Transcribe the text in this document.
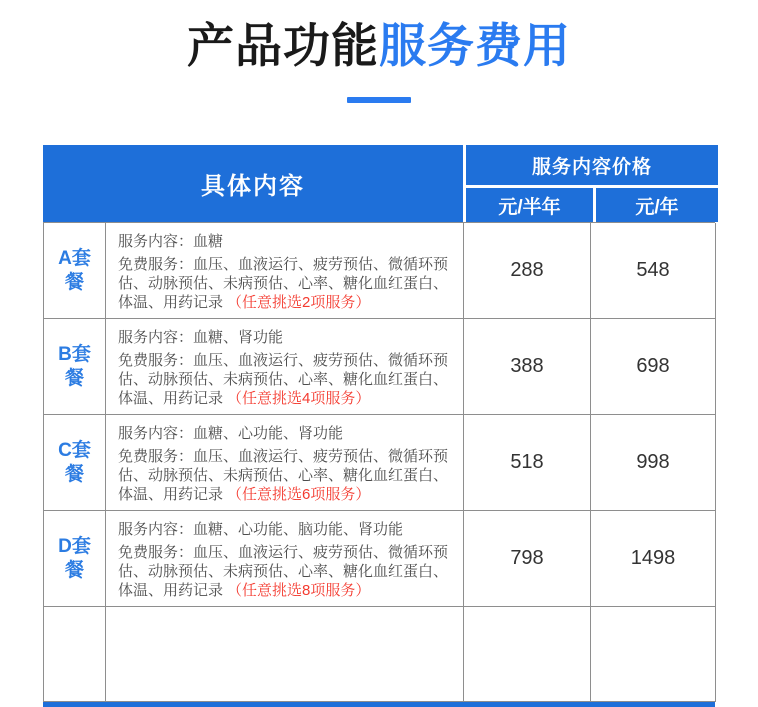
产品功能服务费用
具体内容
服务内容价格
元/半年	元/年
A套餐

服务内容：血糖

免费服务：血压、血液运行、疲劳预估、微循环预估、动脉预估、未病预估、心率、糖化血红蛋白、体温、用药记录 （任意挑选2项服务）

288	548
B套餐

服务内容：血糖、肾功能

免费服务：血压、血液运行、疲劳预估、微循环预估、动脉预估、未病预估、心率、糖化血红蛋白、体温、用药记录 （任意挑选4项服务）

388	698
C套餐

服务内容：血糖、心功能、肾功能

免费服务：血压、血液运行、疲劳预估、微循环预估、动脉预估、未病预估、心率、糖化血红蛋白、体温、用药记录 （任意挑选6项服务）

518	998
D套餐

服务内容：血糖、心功能、脑功能、肾功能

免费服务：血压、血液运行、疲劳预估、微循环预估、动脉预估、未病预估、心率、糖化血红蛋白、体温、用药记录 （任意挑选8项服务）

798	1498
